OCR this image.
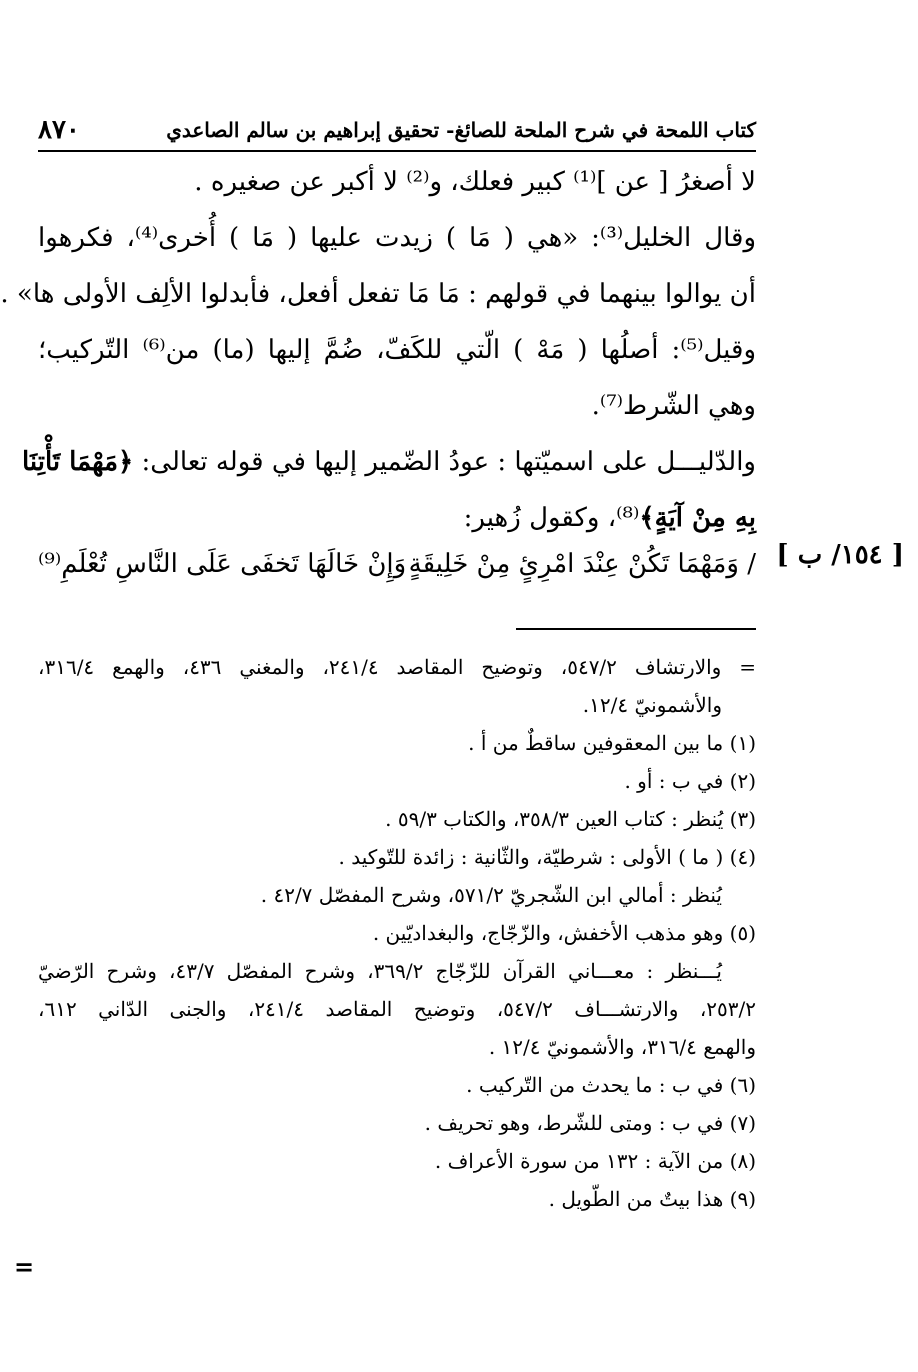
كتاب اللمحة في شرح الملحة للصائغ- تحقيق إبراهيم بن سالم الصاعدي
٨٧٠
لا أصغرُ [ عن ]⁽¹⁾ كبير فعلك، و⁽²⁾ لا أكبر عن صغيره .
وقال الخليل⁽³⁾: «هي ( مَا ) زيدت عليها ( مَا ) أُخرى⁽⁴⁾، فكرهوا
أن يوالوا بينهما في قولهم : مَا مَا تفعل أفعل، فأبدلوا الألِف الأولى ها» .
وقيل⁽⁵⁾: أصلُها ( مَهْ ) الّتي للكَفّ، ضُمَّ إليها (ما) من⁽⁶⁾ التّركيب؛
وهي الشّرط⁽⁷⁾.
والدّليـــل على اسميّتها : عودُ الضّمير إليها في قوله تعالى: ﴿مَهْمَا تَأْتِنَا
بِهِ مِنْ آيَةٍ﴾⁽⁸⁾، وكقول زُهير:
/ وَمَهْمَا تَكُنْ عِنْدَ امْرِئٍ مِنْ خَلِيقَةٍ
وَإِنْ خَالَهَا تَخفَى عَلَى النَّاسِ تُعْلَمِ⁽⁹⁾	[ ١٥٤/ ب ]
= والارتشاف ٥٤٧/٢، وتوضيح المقاصد ٢٤١/٤، والمغني ٤٣٦، والهمع ٣١٦/٤،
والأشمونيّ ١٢/٤.
(١) ما بين المعقوفين ساقطٌ من أ .
(٢) في ب : أو .
(٣) يُنظر : كتاب العين ٣٥٨/٣، والكتاب ٥٩/٣ .
(٤) ( ما ) الأولى : شرطيّة، والثّانية : زائدة للتّوكيد .
يُنظر : أمالي ابن الشّجريّ ٥٧١/٢، وشرح المفصّل ٤٢/٧ .
(٥) وهو مذهب الأخفش، والزّجّاج، والبغداديّين .
يُـــنظر : معـــاني القرآن للزّجّاج ٣٦٩/٢، وشرح المفصّل ٤٣/٧، وشرح الرّضيّ
٢٥٣/٢، والارتشـــاف ٥٤٧/٢، وتوضيح المقاصد ٢٤١/٤، والجنى الدّاني ٦١٢،
والهمع ٣١٦/٤، والأشمونيّ ١٢/٤ .
(٦) في ب : ما يحدث من التّركيب .
(٧) في ب : ومتى للشّرط، وهو تحريف .
(٨) من الآية : ١٣٢ من سورة الأعراف .
(٩) هذا بيتٌ من الطّويل .
=
